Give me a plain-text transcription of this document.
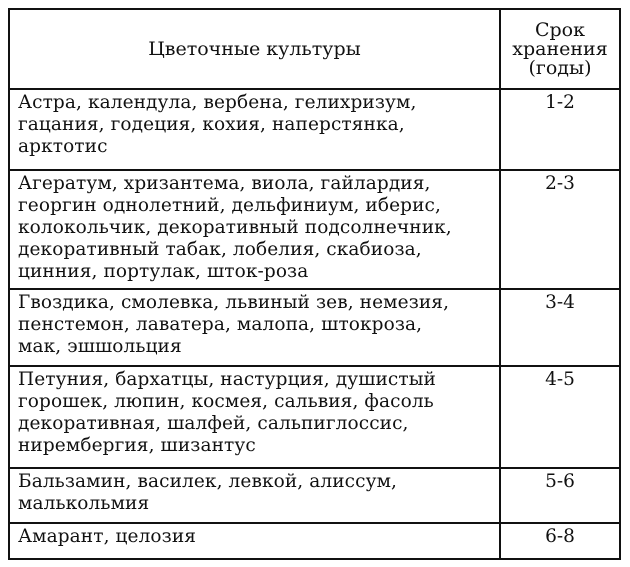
Цветочные культуры	Срок
хранения
(годы)
Астра, календула, вербена, гелихризум,
гацания, годеция, кохия, наперстянка,
арктотис	1-2
Агератум, хризантема, виола, гайлардия,
георгин однолетний, дельфиниум, иберис,
колокольчик, декоративный подсолнечник,
декоративный табак, лобелия, скабиоза,
цинния, портулак, шток-роза	2-3
Гвоздика, смолевка, львиный зев, немезия,
пенстемон, лаватера, малопа, штокроза,
мак, эшшольция	3-4
Петуния, бархатцы, настурция, душистый
горошек, люпин, космея, сальвия, фасоль
декоративная, шалфей, сальпиглоссис,
нирембергия, шизантус	4-5
Бальзамин, василек, левкой, алиссум,
малькольмия	5-6
Амарант, целозия	6-8
